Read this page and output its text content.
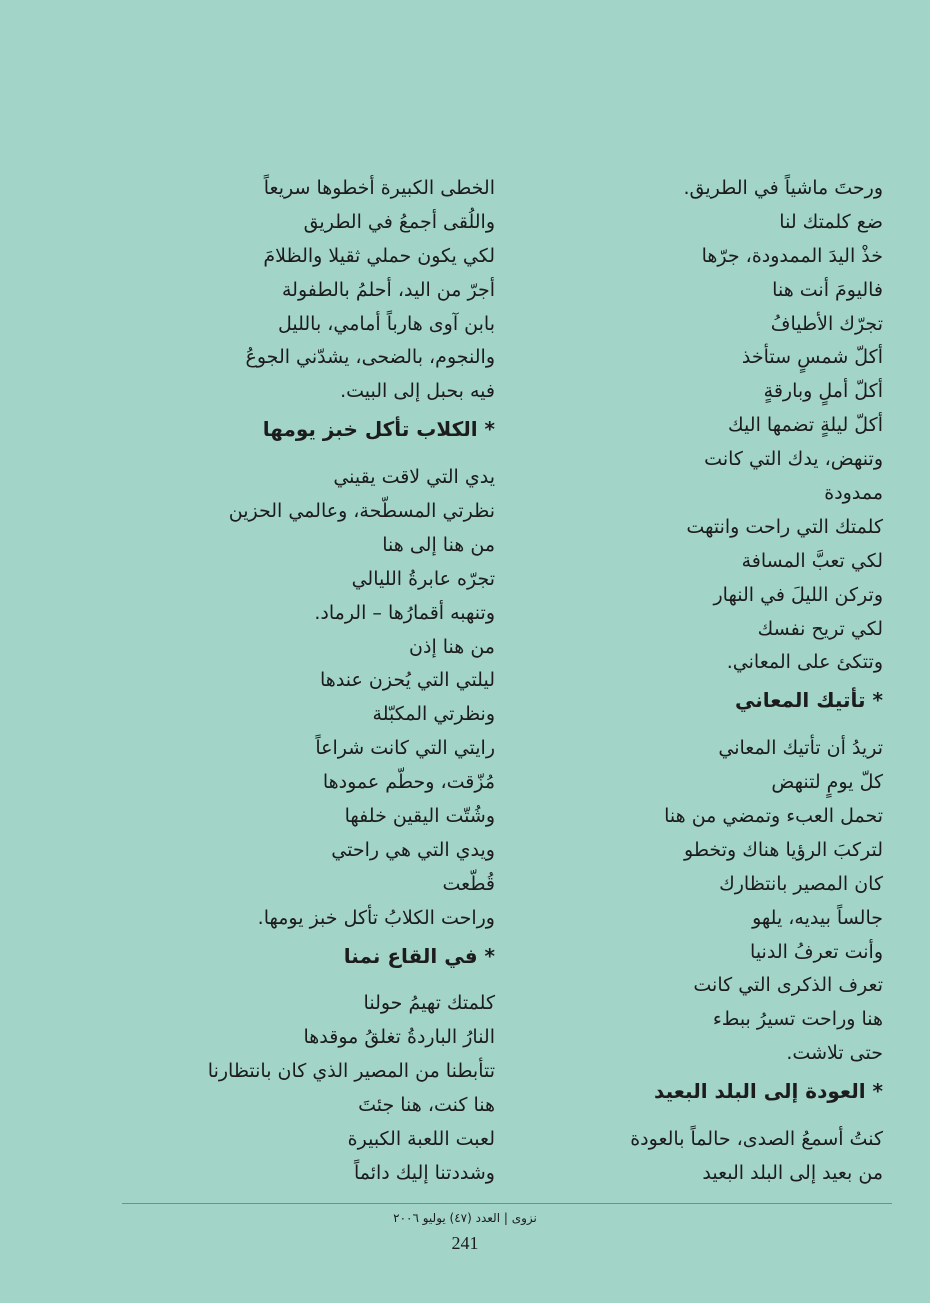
ورحتَ ماشياً في الطريق.
ضع كلمتك لنا
خذْ اليدَ الممدودة، جرّها
فاليومَ أنت هنا
تجرّك الأطيافُ
أكلّ شمسٍ ستأخذ
أكلّ أملٍ وبارقةٍ
أكلّ ليلةٍ تضمها اليك
وتنهض، يدك التي كانت
ممدودة
كلمتك التي راحت وانتهت
لكي تعبَّ المسافة
وتركن الليلَ في النهار
لكي تريح نفسك
وتتكئ على المعاني.
* تأتيك المعاني
تريدُ أن تأتيك المعاني
كلّ يومٍ لتنهض
تحمل العبء وتمضي من هنا
لتركبَ الرؤيا هناك وتخطو
كان المصير بانتظارك
جالساً بيديه، يلهو
وأنت تعرفُ الدنيا
تعرف الذكرى التي كانت
هنا وراحت تسيرُ ببطء
حتى تلاشت.
* العودة إلى البلد البعيد
كنتُ أسمعُ الصدى، حالماً بالعودة
من بعيد إلى البلد البعيد
الخطى الكبيرة أخطوها سريعاً
واللُقى أجمعُ في الطريق
لكي يكون حملي ثقيلا والظلامَ
أجرّ من اليد، أحلمُ بالطفولة
بابن آوى هارباً أمامي، بالليل
والنجوم، بالضحى، يشدّني الجوعُ
فيه بحبل إلى البيت.
* الكلاب تأكل خبز يومها
يدي التي لاقت يقيني
نظرتي المسطّحة، وعالمي الحزين
من هنا إلى هنا
تجرّه عابرةُ الليالي
وتنهبه أقمارُها – الرماد.
من هنا إذن
ليلتي التي يُحزن عندها
ونظرتي المكبّلة
رايتي التي كانت شراعاً
مُزّقت، وحطّم عمودها
وشُتّت اليقين خلفها
ويدي التي هي راحتي
قُطّعت
وراحت الكلابُ تأكل خبز يومها.
* في القاع نمنا
كلمتك تهيمُ حولنا
النارُ الباردةُ تغلقُ موقدها
تتأبطنا من المصير الذي كان بانتظارنا
هنا كنت، هنا جئتَ
لعبت اللعبة الكبيرة
وشددتنا إليك دائماً
نزوى | العدد (٤٧) يوليو ٢٠٠٦
241
